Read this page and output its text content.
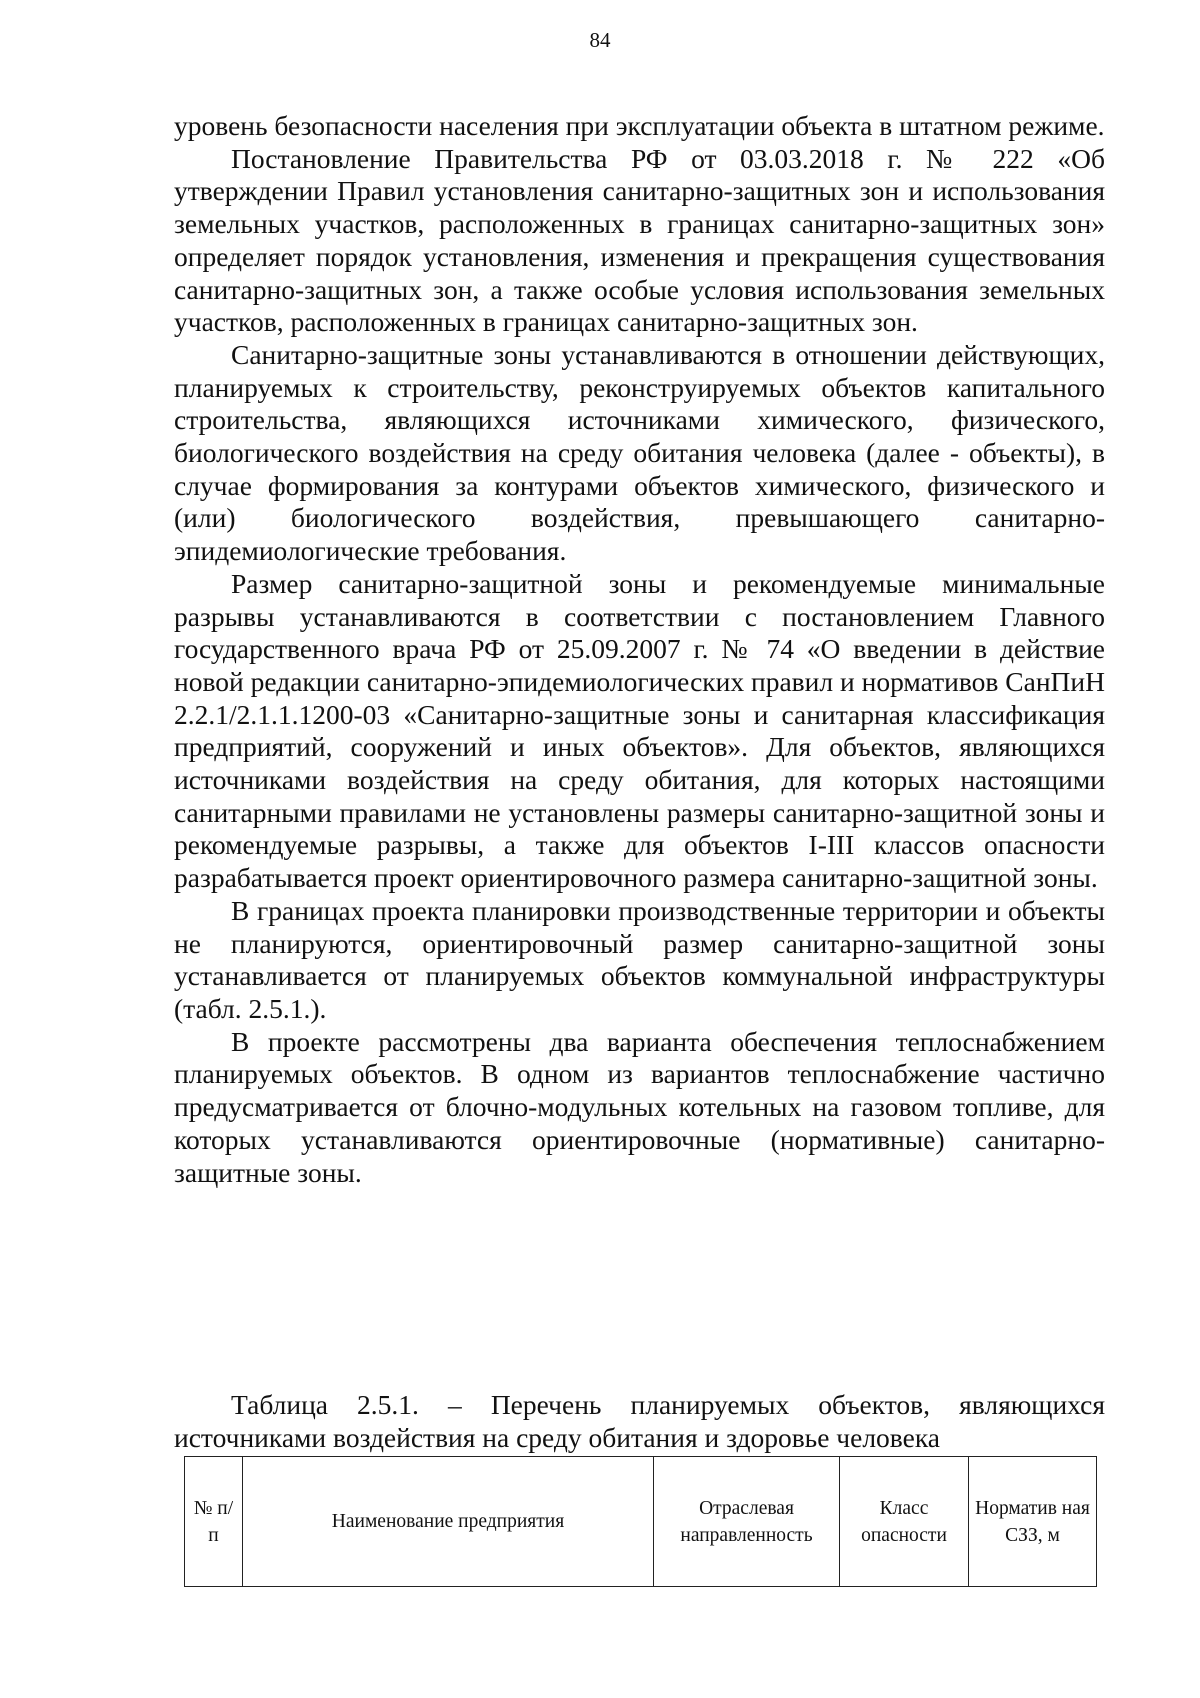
84

уровень безопасности населения при эксплуатации объекта в штатном режиме.

Постановление Правительства РФ от 03.03.2018 г. № 222 «Об утверждении Правил установления санитарно-защитных зон и использования земельных участков, расположенных в границах санитарно-защитных зон» определяет порядок установления, изменения и прекращения существования санитарно-защитных зон, а также особые условия использования земельных участков, расположенных в границах санитарно-защитных зон.

Санитарно-защитные зоны устанавливаются в отношении действующих, планируемых к строительству, реконструируемых объектов капитального строительства, являющихся источниками химического, физического, биологического воздействия на среду обитания человека (далее - объекты), в случае формирования за контурами объектов химического, физического и (или) биологического воздействия, превышающего санитарно-эпидемиологические требования.

Размер санитарно-защитной зоны и рекомендуемые минимальные разрывы устанавливаются в соответствии с постановлением Главного государственного врача РФ от 25.09.2007 г. № 74 «О введении в действие новой редакции санитарно-эпидемиологических правил и нормативов СанПиН 2.2.1/2.1.1.1200-03 «Санитарно-защитные зоны и санитарная классификация предприятий, сооружений и иных объектов». Для объектов, являющихся источниками воздействия на среду обитания, для которых настоящими санитарными правилами не установлены размеры санитарно-защитной зоны и рекомендуемые разрывы, а также для объектов I-III классов опасности разрабатывается проект ориентировочного размера санитарно-защитной зоны.

В границах проекта планировки производственные территории и объекты не планируются, ориентировочный размер санитарно-защитной зоны устанавливается от планируемых объектов коммунальной инфраструктуры (табл. 2.5.1.).

В проекте рассмотрены два варианта обеспечения теплоснабжением планируемых объектов. В одном из вариантов теплоснабжение частично предусматривается от блочно-модульных котельных на газовом топливе, для которых устанавливаются ориентировочные (нормативные) санитарно-защитные зоны.

Таблица 2.5.1. – Перечень планируемых объектов, являющихся источниками воздействия на среду обитания и здоровье человека

№ п/п	Наименование предприятия	Отраслевая направленность	Класс опасности	Норматив ная СЗЗ, м
